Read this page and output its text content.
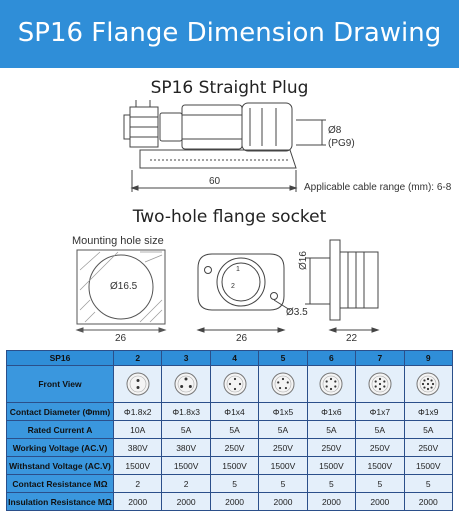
SP16 Flange Dimension Drawing
SP16 Straight Plug
Two-hole flange socket
Ø8
(PG9)
60
Applicable cable range (mm): 6-8
Mounting hole size
Ø16.5
26
1
2
26
Ø3.5
Ø16
22
SP16	2	3	4	5	6	7	9
Front View	

Contact Diameter (Φmm)	Φ1.8x2	Φ1.8x3	Φ1x4	Φ1x5	Φ1x6	Φ1x7	Φ1x9
Rated Current A	10A	5A	5A	5A	5A	5A	5A
Working Voltage (AC.V)	380V	380V	250V	250V	250V	250V	250V
Withstand Voltage (AC.V)	1500V	1500V	1500V	1500V	1500V	1500V	1500V
Contact Resistance MΩ	2	2	5	5	5	5	5
Insulation Resistance MΩ	2000	2000	2000	2000	2000	2000	2000
